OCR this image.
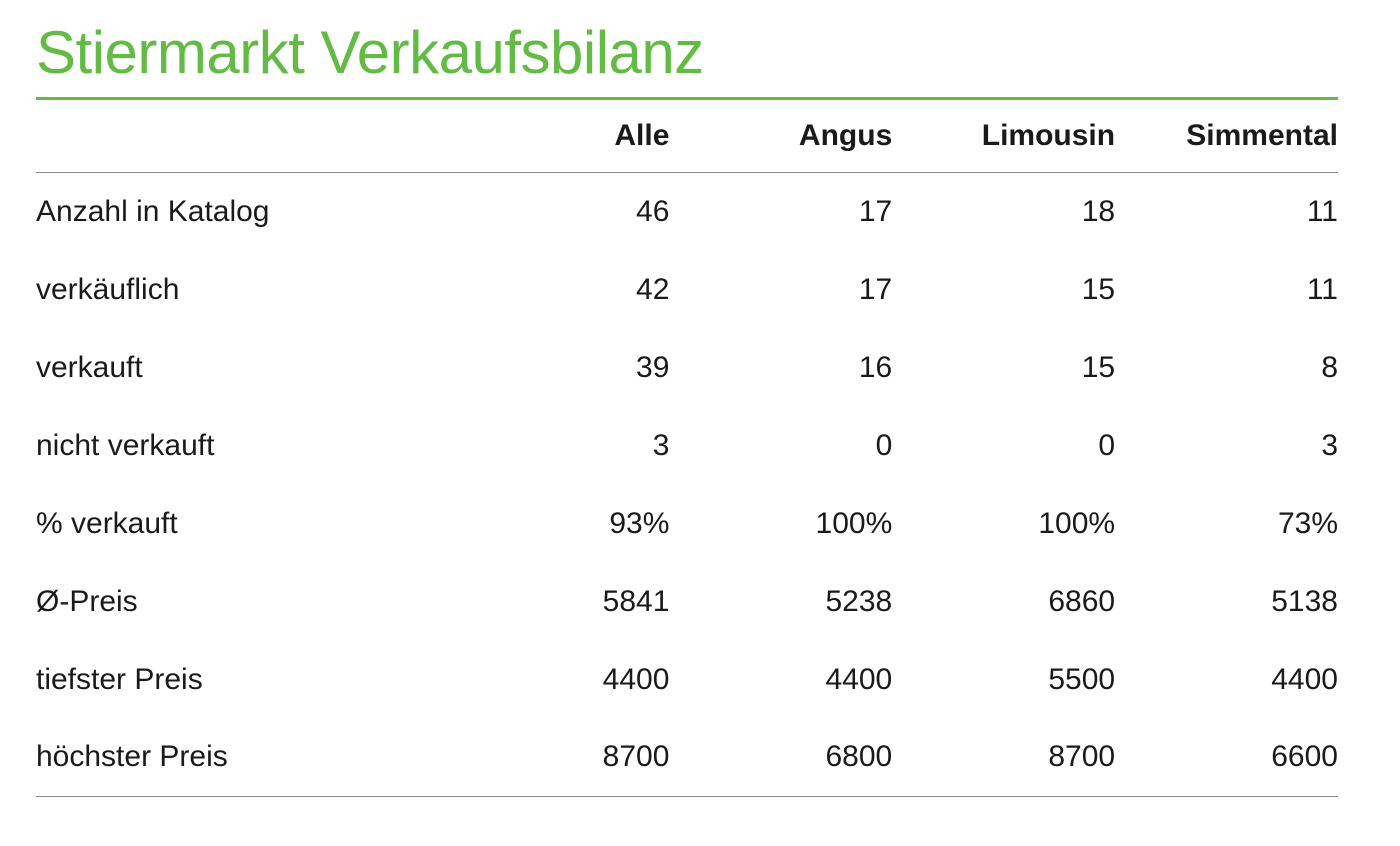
Stiermarkt Verkaufsbilanz
	Alle	Angus	Limousin	Simmental
Anzahl in Katalog	46	17	18	11
verkäuflich	42	17	15	11
verkauft	39	16	15	8
nicht verkauft	3	0	0	3
% verkauft	93%	100%	100%	73%
Ø-Preis	5841	5238	6860	5138
tiefster Preis	4400	4400	5500	4400
höchster Preis	8700	6800	8700	6600
